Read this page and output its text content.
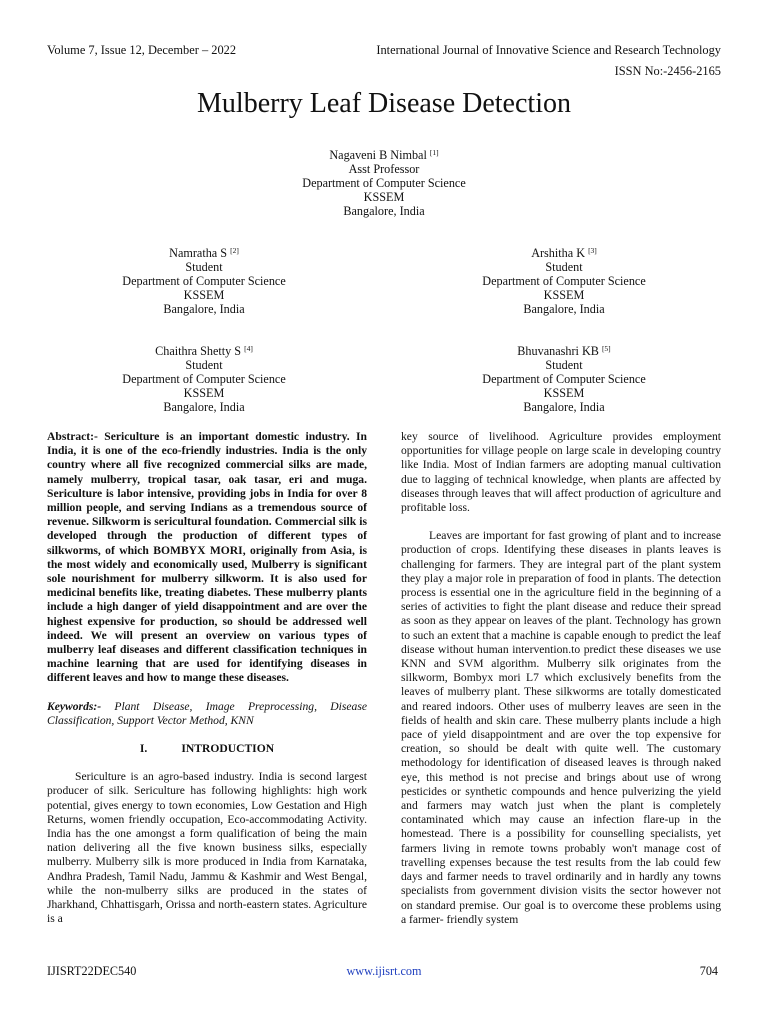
Volume 7, Issue 12, December – 2022	International Journal of Innovative Science and Research Technology
ISSN No:-2456-2165
Mulberry Leaf Disease Detection
Nagaveni B Nimbal [1]
Asst Professor
Department of Computer Science
KSSEM
Bangalore, India
Namratha S [2]
Student
Department of Computer Science
KSSEM
Bangalore, India
Arshitha K [3]
Student
Department of Computer Science
KSSEM
Bangalore, India
Chaithra Shetty S [4]
Student
Department of Computer Science
KSSEM
Bangalore, India
Bhuvanashri KB [5]
Student
Department of Computer Science
KSSEM
Bangalore, India

Abstract:- Sericulture is an important domestic industry. In India, it is one of the eco-friendly industries. India is the only country where all five recognized commercial silks are made, namely mulberry, tropical tasar, oak tasar, eri and muga. Sericulture is labor intensive, providing jobs in India for over 8 million people, and serving Indians as a tremendous source of revenue. Silkworm is sericultural foundation. Commercial silk is developed through the production of different types of silkworms, of which BOMBYX MORI, originally from Asia, is the most widely and economically used, Mulberry is significant sole nourishment for mulberry silkworm. It is also used for medicinal benefits like, treating diabetes. These mulberry plants include a high danger of yield disappointment and are over the highest expensive for production, so should be addressed well indeed. We will present an overview on various types of mulberry leaf diseases and different classification techniques in machine learning that are used for identifying diseases in different leaves and how to mange these diseases.

Keywords:- Plant Disease, Image Preprocessing, Disease Classification, Support Vector Method, KNN

I.	INTRODUCTION

Sericulture is an agro-based industry. India is second largest producer of silk. Sericulture has following highlights: high work potential, gives energy to town economies, Low Gestation and High Returns, women friendly occupation, Eco-accommodating Activity. India has the one amongst a form qualification of being the main nation delivering all the five known business silks, especially mulberry. Mulberry silk is more produced in India from Karnataka, Andhra Pradesh, Tamil Nadu, Jammu & Kashmir and West Bengal, while the non-mulberry silks are produced in the states of Jharkhand, Chhattisgarh, Orissa and north-eastern states. Agriculture is a

key source of livelihood. Agriculture provides employment opportunities for village people on large scale in developing country like India. Most of Indian farmers are adopting manual cultivation due to lagging of technical knowledge, when plants are affected by diseases through leaves that will affect production of agriculture and profitable loss.

Leaves are important for fast growing of plant and to increase production of crops. Identifying these diseases in plants leaves is challenging for farmers. They are integral part of the plant system they play a major role in preparation of food in plants. The detection process is essential one in the agriculture field in the beginning of a series of activities to fight the plant disease and reduce their spread as soon as they appear on leaves of the plant. Technology has grown to such an extent that a machine is capable enough to predict the leaf disease without human intervention.to predict these diseases we use KNN and SVM algorithm. Mulberry silk originates from the silkworm, Bombyx mori L7 which exclusively benefits from the leaves of mulberry plant. These silkworms are totally domesticated and reared indoors. Other uses of mulberry leaves are seen in the fields of health and skin care. These mulberry plants include a high pace of yield disappointment and are over the top expensive for creation, so should be dealt with quite well. The customary methodology for identification of diseased leaves is through naked eye, this method is not precise and brings about use of wrong pesticides or synthetic compounds and hence pulverizing the yield and farmers may watch just when the plant is completely contaminated which may cause an infection flare-up in the homestead. There is a possibility for counselling specialists, yet farmers living in remote towns probably won't manage cost of travelling expenses because the test results from the lab could few days and farmer needs to travel ordinarily and in hardly any towns specialists from government division visits the sector however not on standard premise. Our goal is to overcome these problems using a farmer- friendly system

IJISRT22DEC540	www.ijisrt.com	704
